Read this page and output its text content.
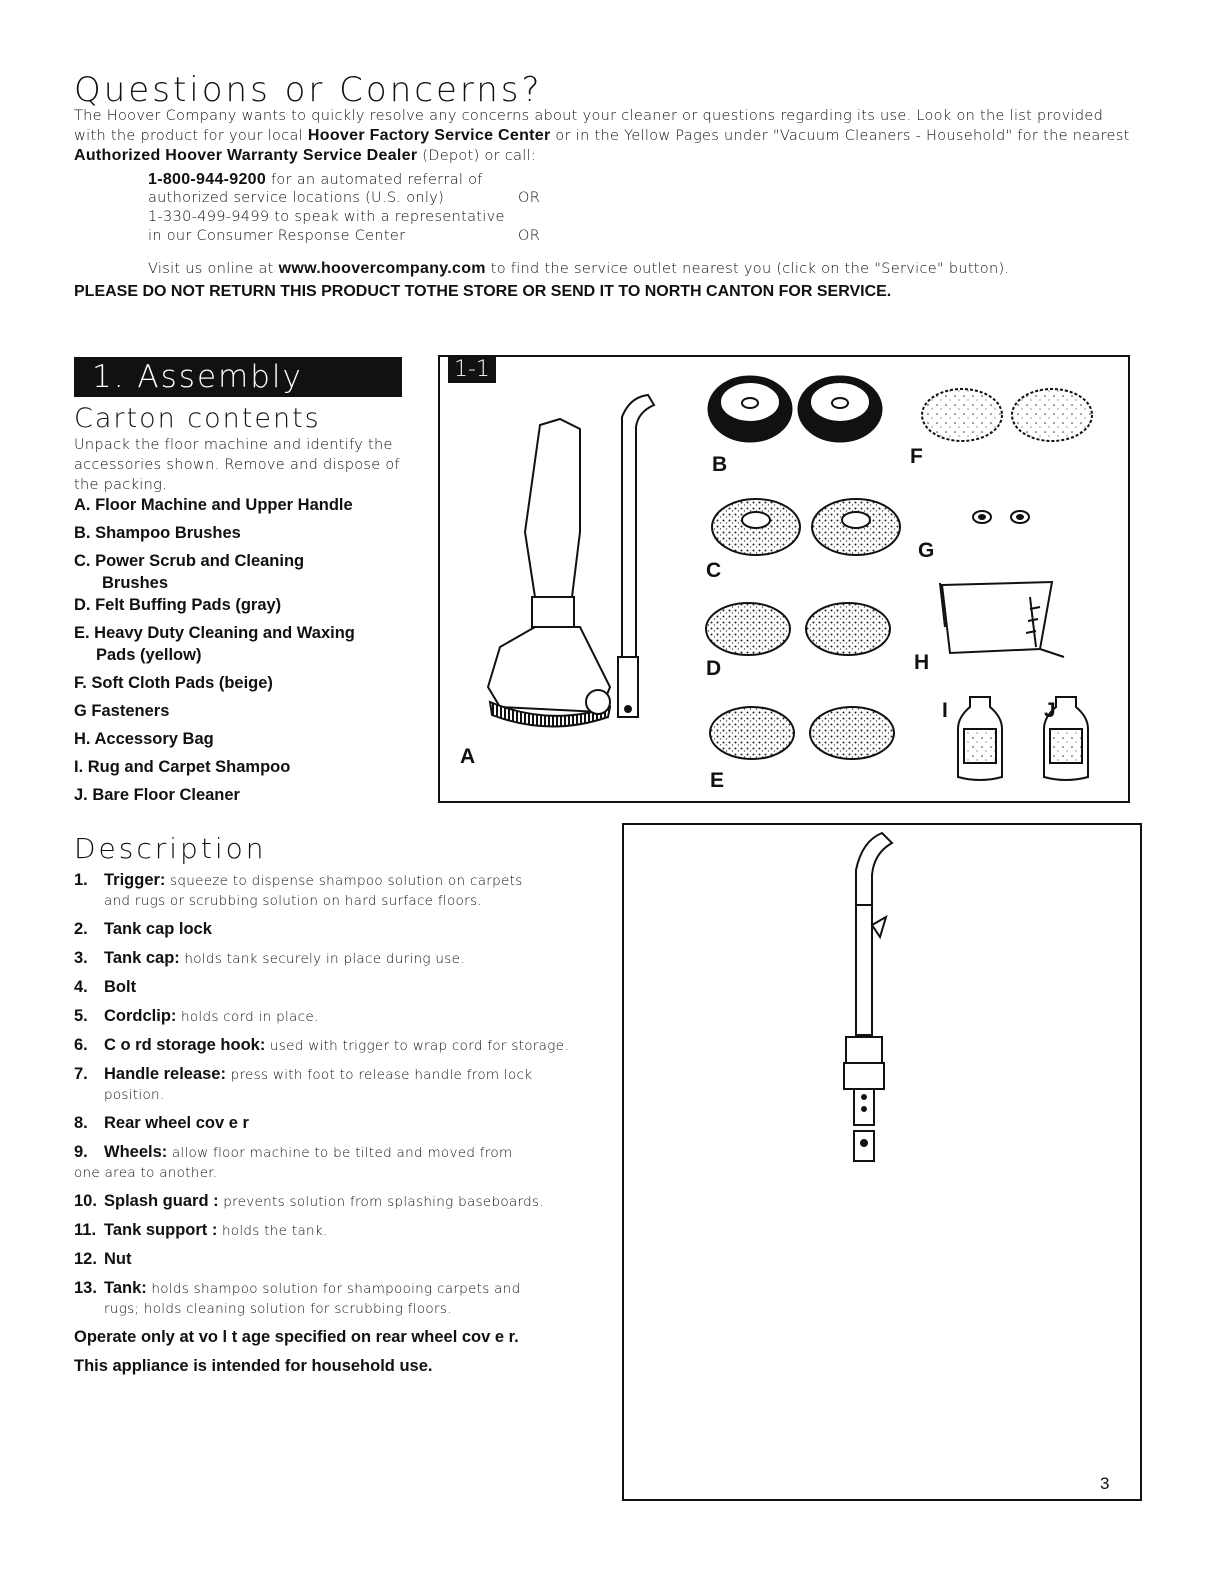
Questions or Concerns?
The Hoover Company wants to quickly resolve any concerns about your cleaner or questions regarding its use. Look on the list provided with the product for your local Hoover Factory Service Center or in the Yellow Pages under "Vacuum Cleaners - Household" for the nearest Authorized Hoover Warranty Service Dealer (Depot) or call:
1-800-944-9200 for an automated referral of
authorized service locations (U.S. only)	OR
1-330-499-9499 to speak with a representative
in our Consumer Response Center	OR
Visit us online at www.hoovercompany.com to find the service outlet nearest you (click on the "Service" button).
PLEASE DO NOT RETURN THIS PRODUCT TOTHE STORE OR SEND IT TO NORTH CANTON FOR SERVICE.
1. Assembly
Carton contents
Unpack the floor machine and identify the accessories shown. Remove and dispose of the packing.
A. Floor Machine and Upper Handle
B. Shampoo Brushes
C. Power Scrub and Cleaning
Brushes
D. Felt Buffing Pads (gray)
E. Heavy Duty Cleaning and Waxing
Pads (yellow)
F. Soft Cloth Pads (beige)
G Fasteners
H. Accessory Bag
I. Rug and Carpet Shampoo
J. Bare Floor Cleaner
1-1
A
B
C
D
E
F
G
H
I	J
Description
1. Trigger: squeeze to dispense shampoo solution on carpets
and rugs or scrubbing solution on hard surface floors.
2. Tank cap lock
3. Tank cap: holds tank securely in place during use.
4. Bolt
5. Cordclip: holds cord in place.
6. C o rd storage hook: used with trigger to wrap cord for storage.
7. Handle release: press with foot to release handle from lock
position.
8. Rear wheel cov e r
9. Wheels: allow floor machine to be tilted and moved from
one area to another.
10. Splash guard : prevents solution from splashing baseboards.
11. Tank support : holds the tank.
12. Nut
13. Tank: holds shampoo solution for shampooing carpets and
rugs; holds cleaning solution for scrubbing floors.
Operate only at vo l t age specified on rear wheel cov e r.
This appliance is intended for household use.
3
